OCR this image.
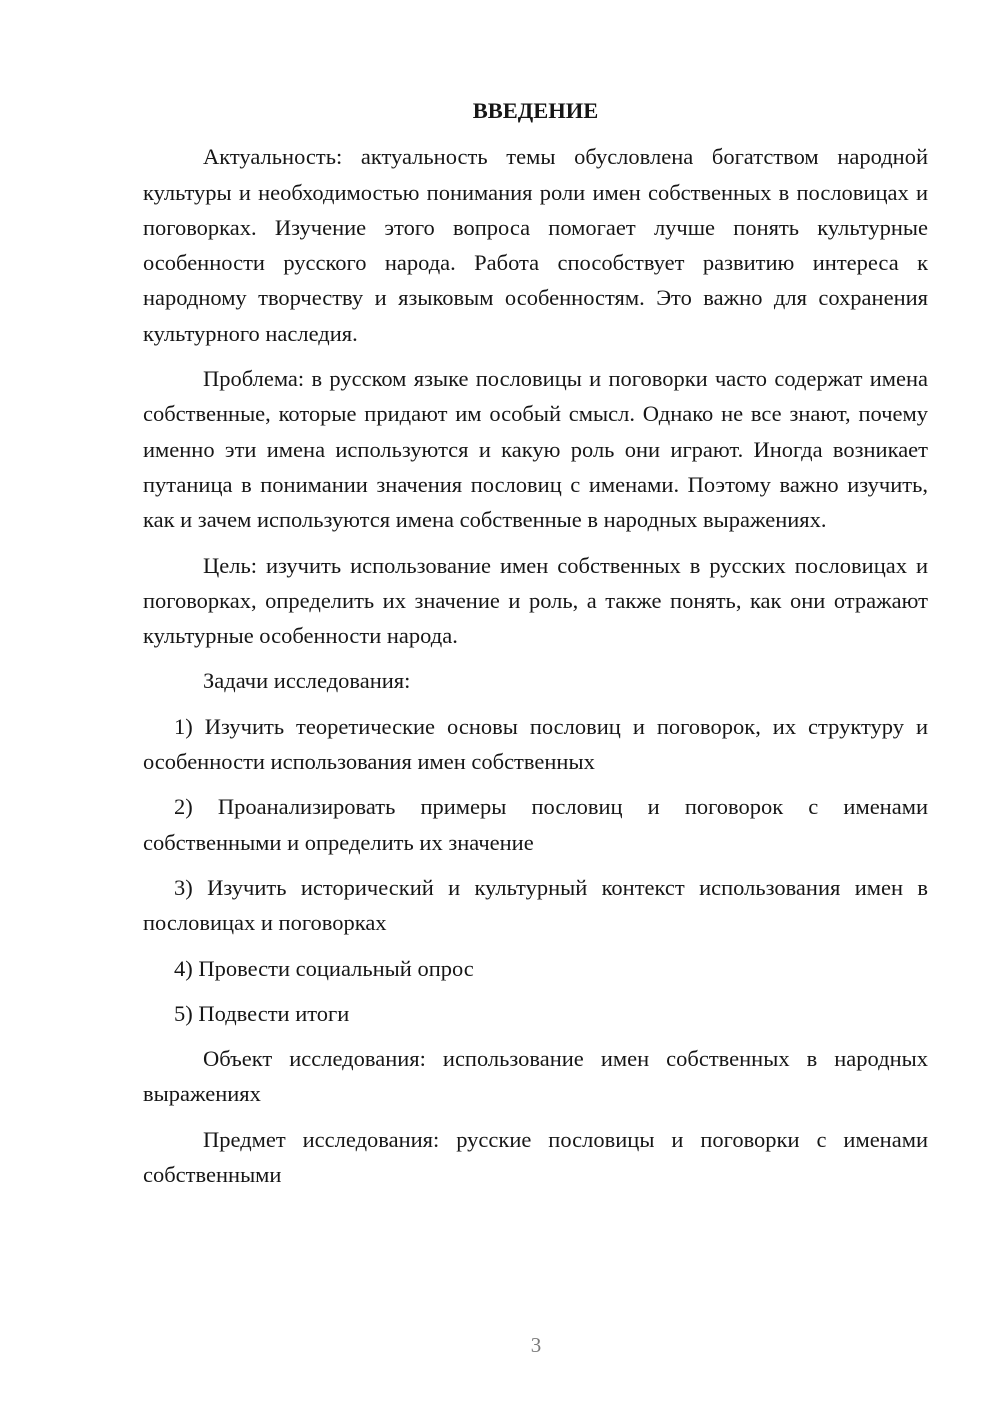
ВВЕДЕНИЕ

Актуальность: актуальность темы обусловлена богатством народной культуры и необходимостью понимания роли имен собственных в пословицах и поговорках. Изучение этого вопроса помогает лучше понять культурные особенности русского народа. Работа способствует развитию интереса к народному творчеству и языковым особенностям. Это важно для сохранения культурного наследия.

Проблема: в русском языке пословицы и поговорки часто содержат имена собственные, которые придают им особый смысл. Однако не все знают, почему именно эти имена используются и какую роль они играют. Иногда возникает путаница в понимании значения пословиц с именами. Поэтому важно изучить, как и зачем используются имена собственные в народных выражениях.

Цель: изучить использование имен собственных в русских пословицах и поговорках, определить их значение и роль, а также понять, как они отражают культурные особенности народа.

Задачи исследования:

1) Изучить теоретические основы пословиц и поговорок, их структуру и особенности использования имен собственных

2) Проанализировать примеры пословиц и поговорок с именами собственными и определить их значение

3) Изучить исторический и культурный контекст использования имен в пословицах и поговорках

4) Провести социальный опрос

5) Подвести итоги

Объект исследования: использование имен собственных в народных выражениях

Предмет исследования: русские пословицы и поговорки с именами собственными

3
